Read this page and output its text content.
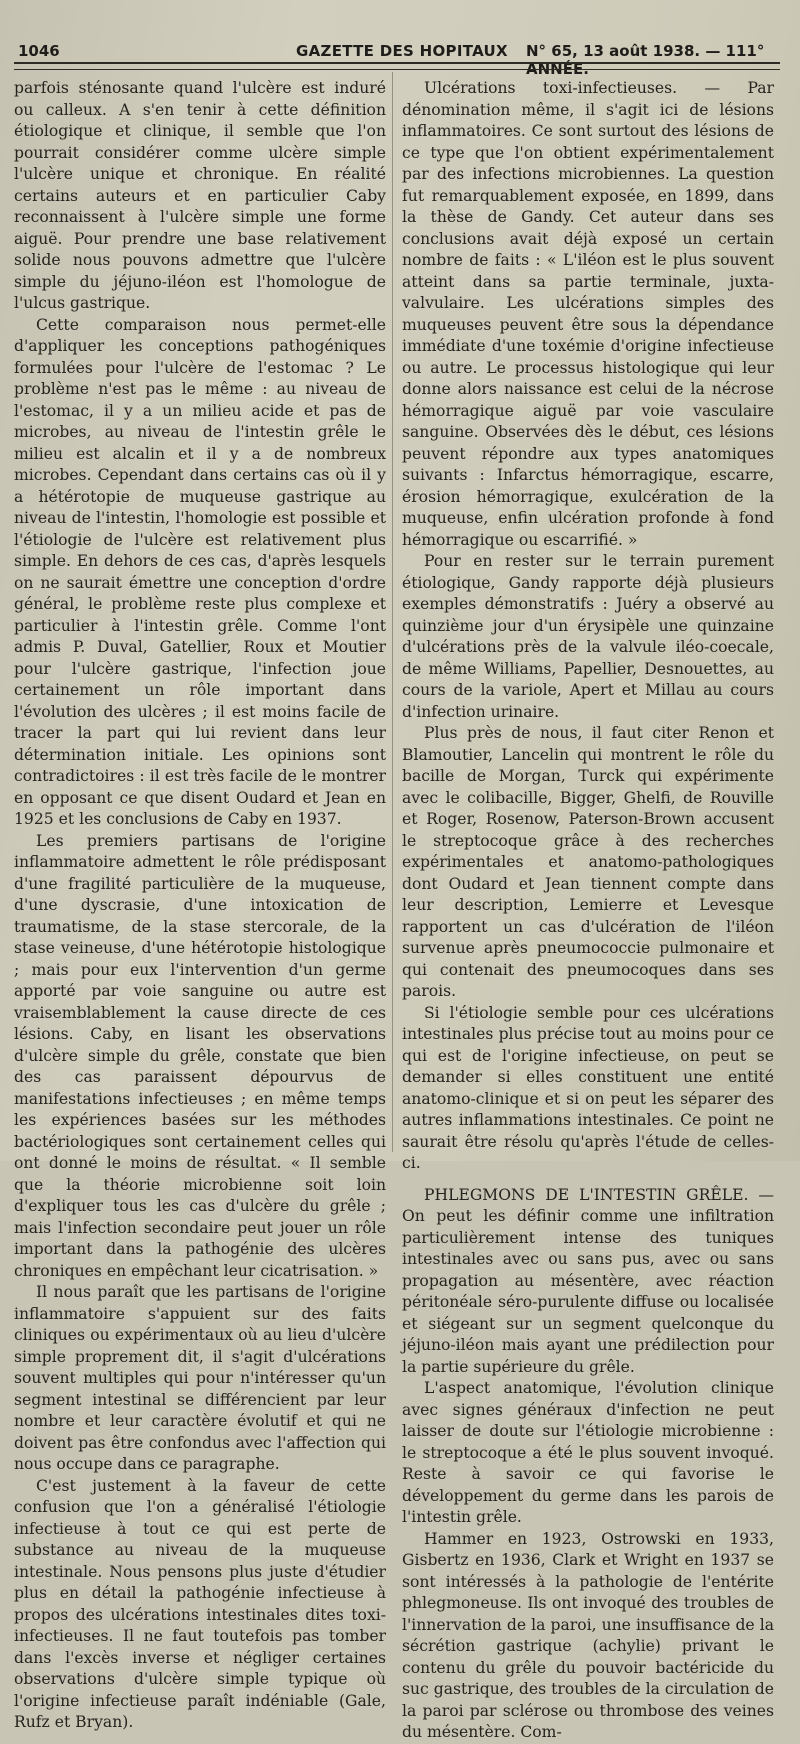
1046	GAZETTE DES HOPITAUX N° 65, 13 août 1938. — 111° ANNÉE.

parfois sténosante quand l'ulcère est induré ou calleux. A s'en tenir à cette définition étiologique et clinique, il semble que l'on pourrait considérer comme ulcère simple l'ulcère unique et chronique. En réalité certains auteurs et en particulier Caby reconnaissent à l'ulcère simple une forme aiguë. Pour prendre une base relativement solide nous pouvons admettre que l'ulcère simple du jéjuno-iléon est l'homologue de l'ulcus gastrique.

Cette comparaison nous permet-elle d'appliquer les conceptions pathogéniques formulées pour l'ulcère de l'estomac ? Le problème n'est pas le même : au niveau de l'estomac, il y a un milieu acide et pas de microbes, au niveau de l'intestin grêle le milieu est alcalin et il y a de nombreux microbes. Cependant dans certains cas où il y a hétérotopie de muqueuse gastrique au niveau de l'intestin, l'homologie est possible et l'étiologie de l'ulcère est relativement plus simple. En dehors de ces cas, d'après lesquels on ne saurait émettre une conception d'ordre général, le problème reste plus complexe et particulier à l'intestin grêle. Comme l'ont admis P. Duval, Gatellier, Roux et Moutier pour l'ulcère gastrique, l'infection joue certainement un rôle important dans l'évolution des ulcères ; il est moins facile de tracer la part qui lui revient dans leur détermination initiale. Les opinions sont contradictoires : il est très facile de le montrer en opposant ce que disent Oudard et Jean en 1925 et les conclusions de Caby en 1937.

Les premiers partisans de l'origine inflammatoire admettent le rôle prédisposant d'une fragilité particulière de la muqueuse, d'une dyscrasie, d'une intoxication de traumatisme, de la stase stercorale, de la stase veineuse, d'une hétérotopie histologique ; mais pour eux l'intervention d'un germe apporté par voie sanguine ou autre est vraisemblablement la cause directe de ces lésions. Caby, en lisant les observations d'ulcère simple du grêle, constate que bien des cas paraissent dépourvus de manifestations infectieuses ; en même temps les expériences basées sur les méthodes bactériologiques sont certainement celles qui ont donné le moins de résultat. « Il semble que la théorie microbienne soit loin d'expliquer tous les cas d'ulcère du grêle ; mais l'infection secondaire peut jouer un rôle important dans la pathogénie des ulcères chroniques en empêchant leur cicatrisation. »

Il nous paraît que les partisans de l'origine inflammatoire s'appuient sur des faits cliniques ou expérimentaux où au lieu d'ulcère simple proprement dit, il s'agit d'ulcérations souvent multiples qui pour n'intéresser qu'un segment intestinal se différencient par leur nombre et leur caractère évolutif et qui ne doivent pas être confondus avec l'affection qui nous occupe dans ce paragraphe.

C'est justement à la faveur de cette confusion que l'on a généralisé l'étiologie infectieuse à tout ce qui est perte de substance au niveau de la muqueuse intestinale. Nous pensons plus juste d'étudier plus en détail la pathogénie infectieuse à propos des ulcérations intestinales dites toxi-infectieuses. Il ne faut toutefois pas tomber dans l'excès inverse et négliger certaines observations d'ulcère simple typique où l'origine infectieuse paraît indéniable (Gale, Rufz et Bryan).

Ulcérations toxi-infectieuses. — Par dénomination même, il s'agit ici de lésions inflammatoires. Ce sont surtout des lésions de ce type que l'on obtient expérimentalement par des infections microbiennes. La question fut remarquablement exposée, en 1899, dans la thèse de Gandy. Cet auteur dans ses conclusions avait déjà exposé un certain nombre de faits : « L'iléon est le plus souvent atteint dans sa partie terminale, juxta-valvulaire. Les ulcérations simples des muqueuses peuvent être sous la dépendance immédiate d'une toxémie d'origine infectieuse ou autre. Le processus histologique qui leur donne alors naissance est celui de la nécrose hémorragique aiguë par voie vasculaire sanguine. Observées dès le début, ces lésions peuvent répondre aux types anatomiques suivants : Infarctus hémorragique, escarre, érosion hémorragique, exulcération de la muqueuse, enfin ulcération profonde à fond hémorragique ou escarrifié. »

Pour en rester sur le terrain purement étiologique, Gandy rapporte déjà plusieurs exemples démonstratifs : Juéry a observé au quinzième jour d'un érysipèle une quinzaine d'ulcérations près de la valvule iléo-coecale, de même Williams, Papellier, Desnouettes, au cours de la variole, Apert et Millau au cours d'infection urinaire.

Plus près de nous, il faut citer Renon et Blamoutier, Lancelin qui montrent le rôle du bacille de Morgan, Turck qui expérimente avec le colibacille, Bigger, Ghelfi, de Rouville et Roger, Rosenow, Paterson-Brown accusent le streptocoque grâce à des recherches expérimentales et anatomo-pathologiques dont Oudard et Jean tiennent compte dans leur description, Lemierre et Levesque rapportent un cas d'ulcération de l'iléon survenue après pneumococcie pulmonaire et qui contenait des pneumocoques dans ses parois.

Si l'étiologie semble pour ces ulcérations intestinales plus précise tout au moins pour ce qui est de l'origine infectieuse, on peut se demander si elles constituent une entité anatomo-clinique et si on peut les séparer des autres inflammations intestinales. Ce point ne saurait être résolu qu'après l'étude de celles-ci.

PHLEGMONS DE L'INTESTIN GRÊLE. — On peut les définir comme une infiltration particulièrement intense des tuniques intestinales avec ou sans pus, avec ou sans propagation au mésentère, avec réaction péritonéale séro-purulente diffuse ou localisée et siégeant sur un segment quelconque du jéjuno-iléon mais ayant une prédilection pour la partie supérieure du grêle.

L'aspect anatomique, l'évolution clinique avec signes généraux d'infection ne peut laisser de doute sur l'étiologie microbienne : le streptocoque a été le plus souvent invoqué. Reste à savoir ce qui favorise le développement du germe dans les parois de l'intestin grêle.

Hammer en 1923, Ostrowski en 1933, Gisbertz en 1936, Clark et Wright en 1937 se sont intéressés à la pathologie de l'entérite phlegmoneuse. Ils ont invoqué des troubles de l'innervation de la paroi, une insuffisance de la sécrétion gastrique (achylie) privant le contenu du grêle du pouvoir bactéricide du suc gastrique, des troubles de la circulation de la paroi par sclérose ou thrombose des veines du mésentère. Com-
